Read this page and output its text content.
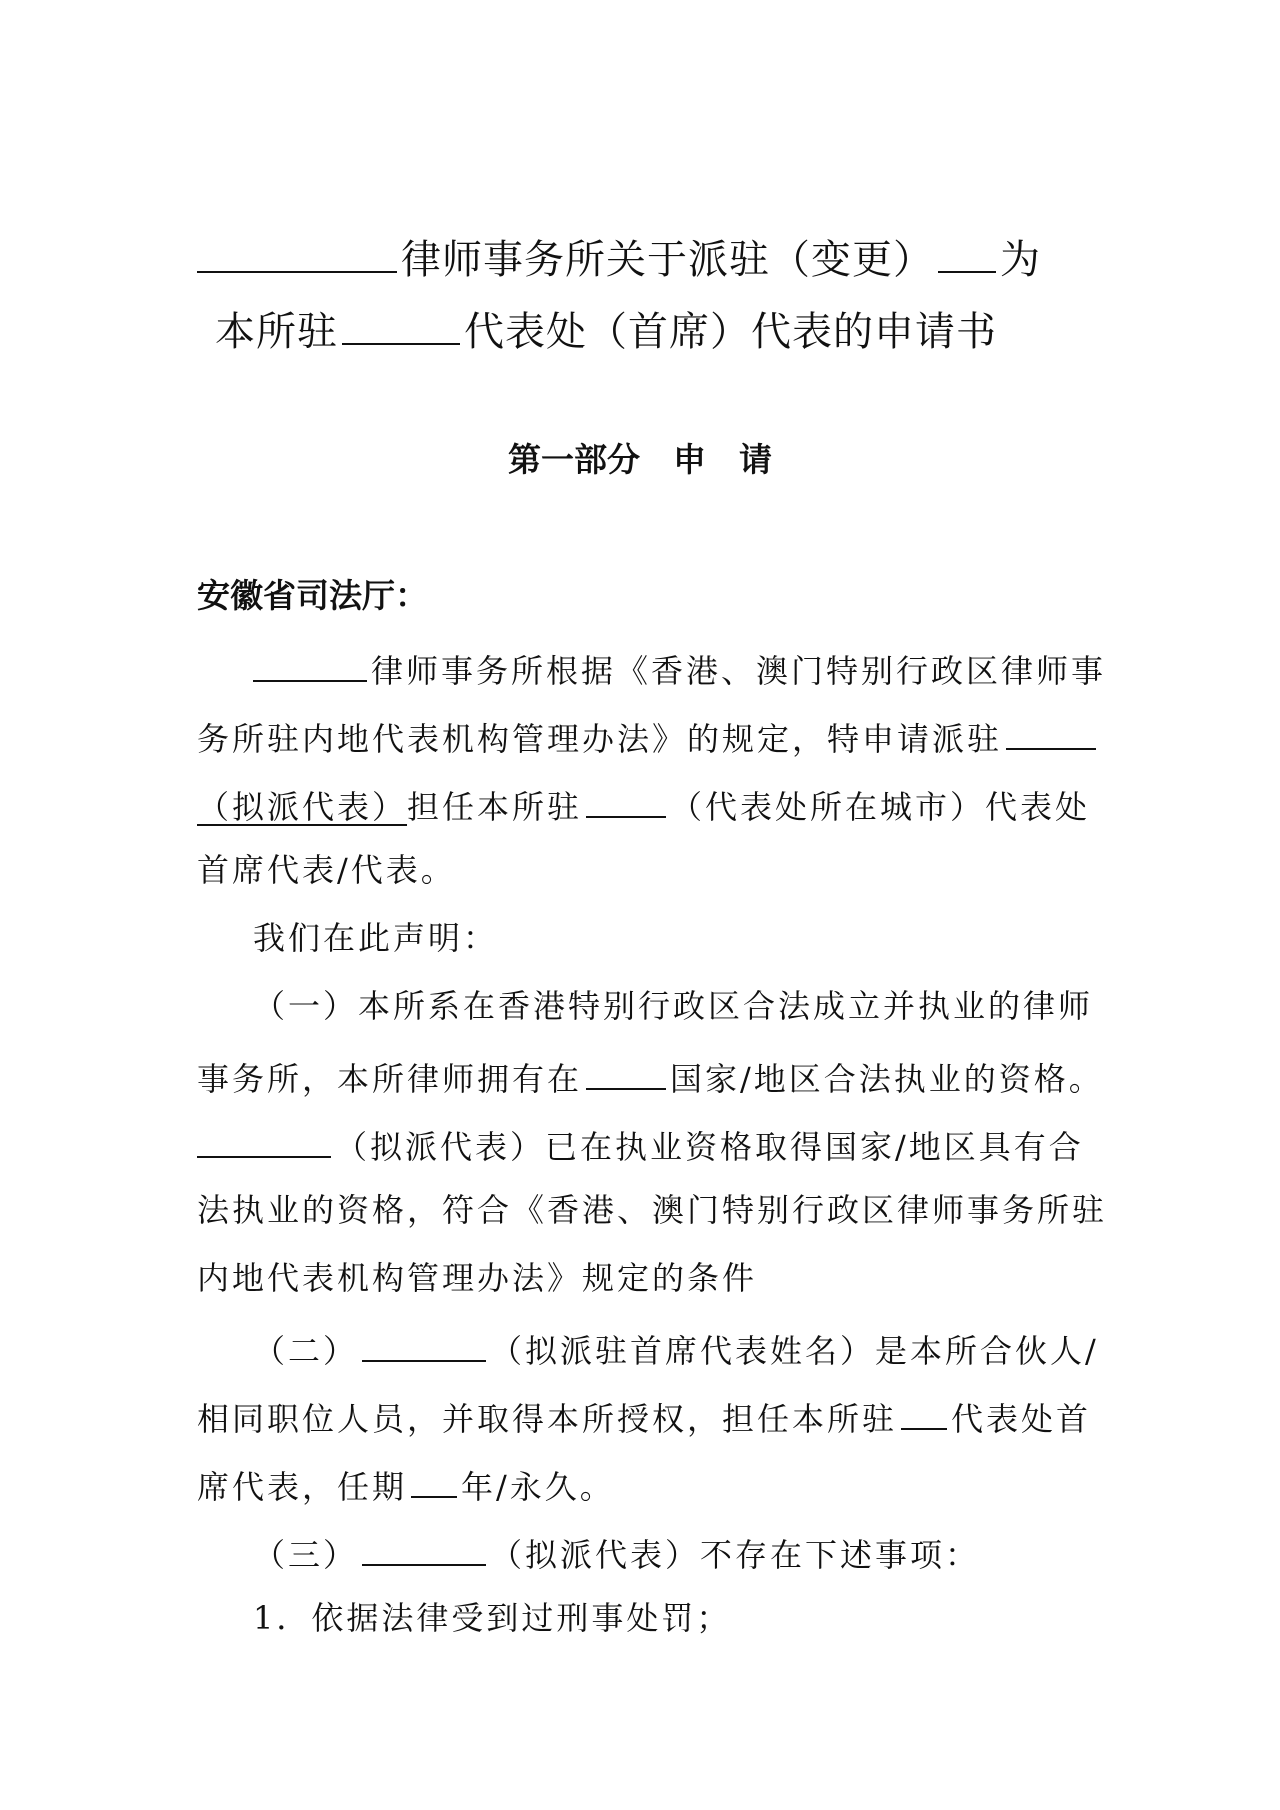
律师事务所关于派驻（变更） 为
本所驻	代表处（首席）代表的申请书
第一部分　申　请
安徽省司法厅：
律师事务所根据《香港、澳门特别行政区律师事
务所驻内地代表机构管理办法》的规定，特申请派驻
（拟派代表）担任本所驻	（代表处所在城市）代表处
首席代表/代表。
我们在此声明：
（一）本所系在香港特别行政区合法成立并执业的律师
事务所，本所律师拥有在	国家/地区合法执业的资格。
（拟派代表）已在执业资格取得国家/地区具有合
法执业的资格，符合《香港、澳门特别行政区律师事务所驻
内地代表机构管理办法》规定的条件
（二）	（拟派驻首席代表姓名）是本所合伙人/
相同职位人员，并取得本所授权，担任本所驻 代表处首
席代表，任期 年/永久。
（三）	（拟派代表）不存在下述事项：
1．依据法律受到过刑事处罚；
